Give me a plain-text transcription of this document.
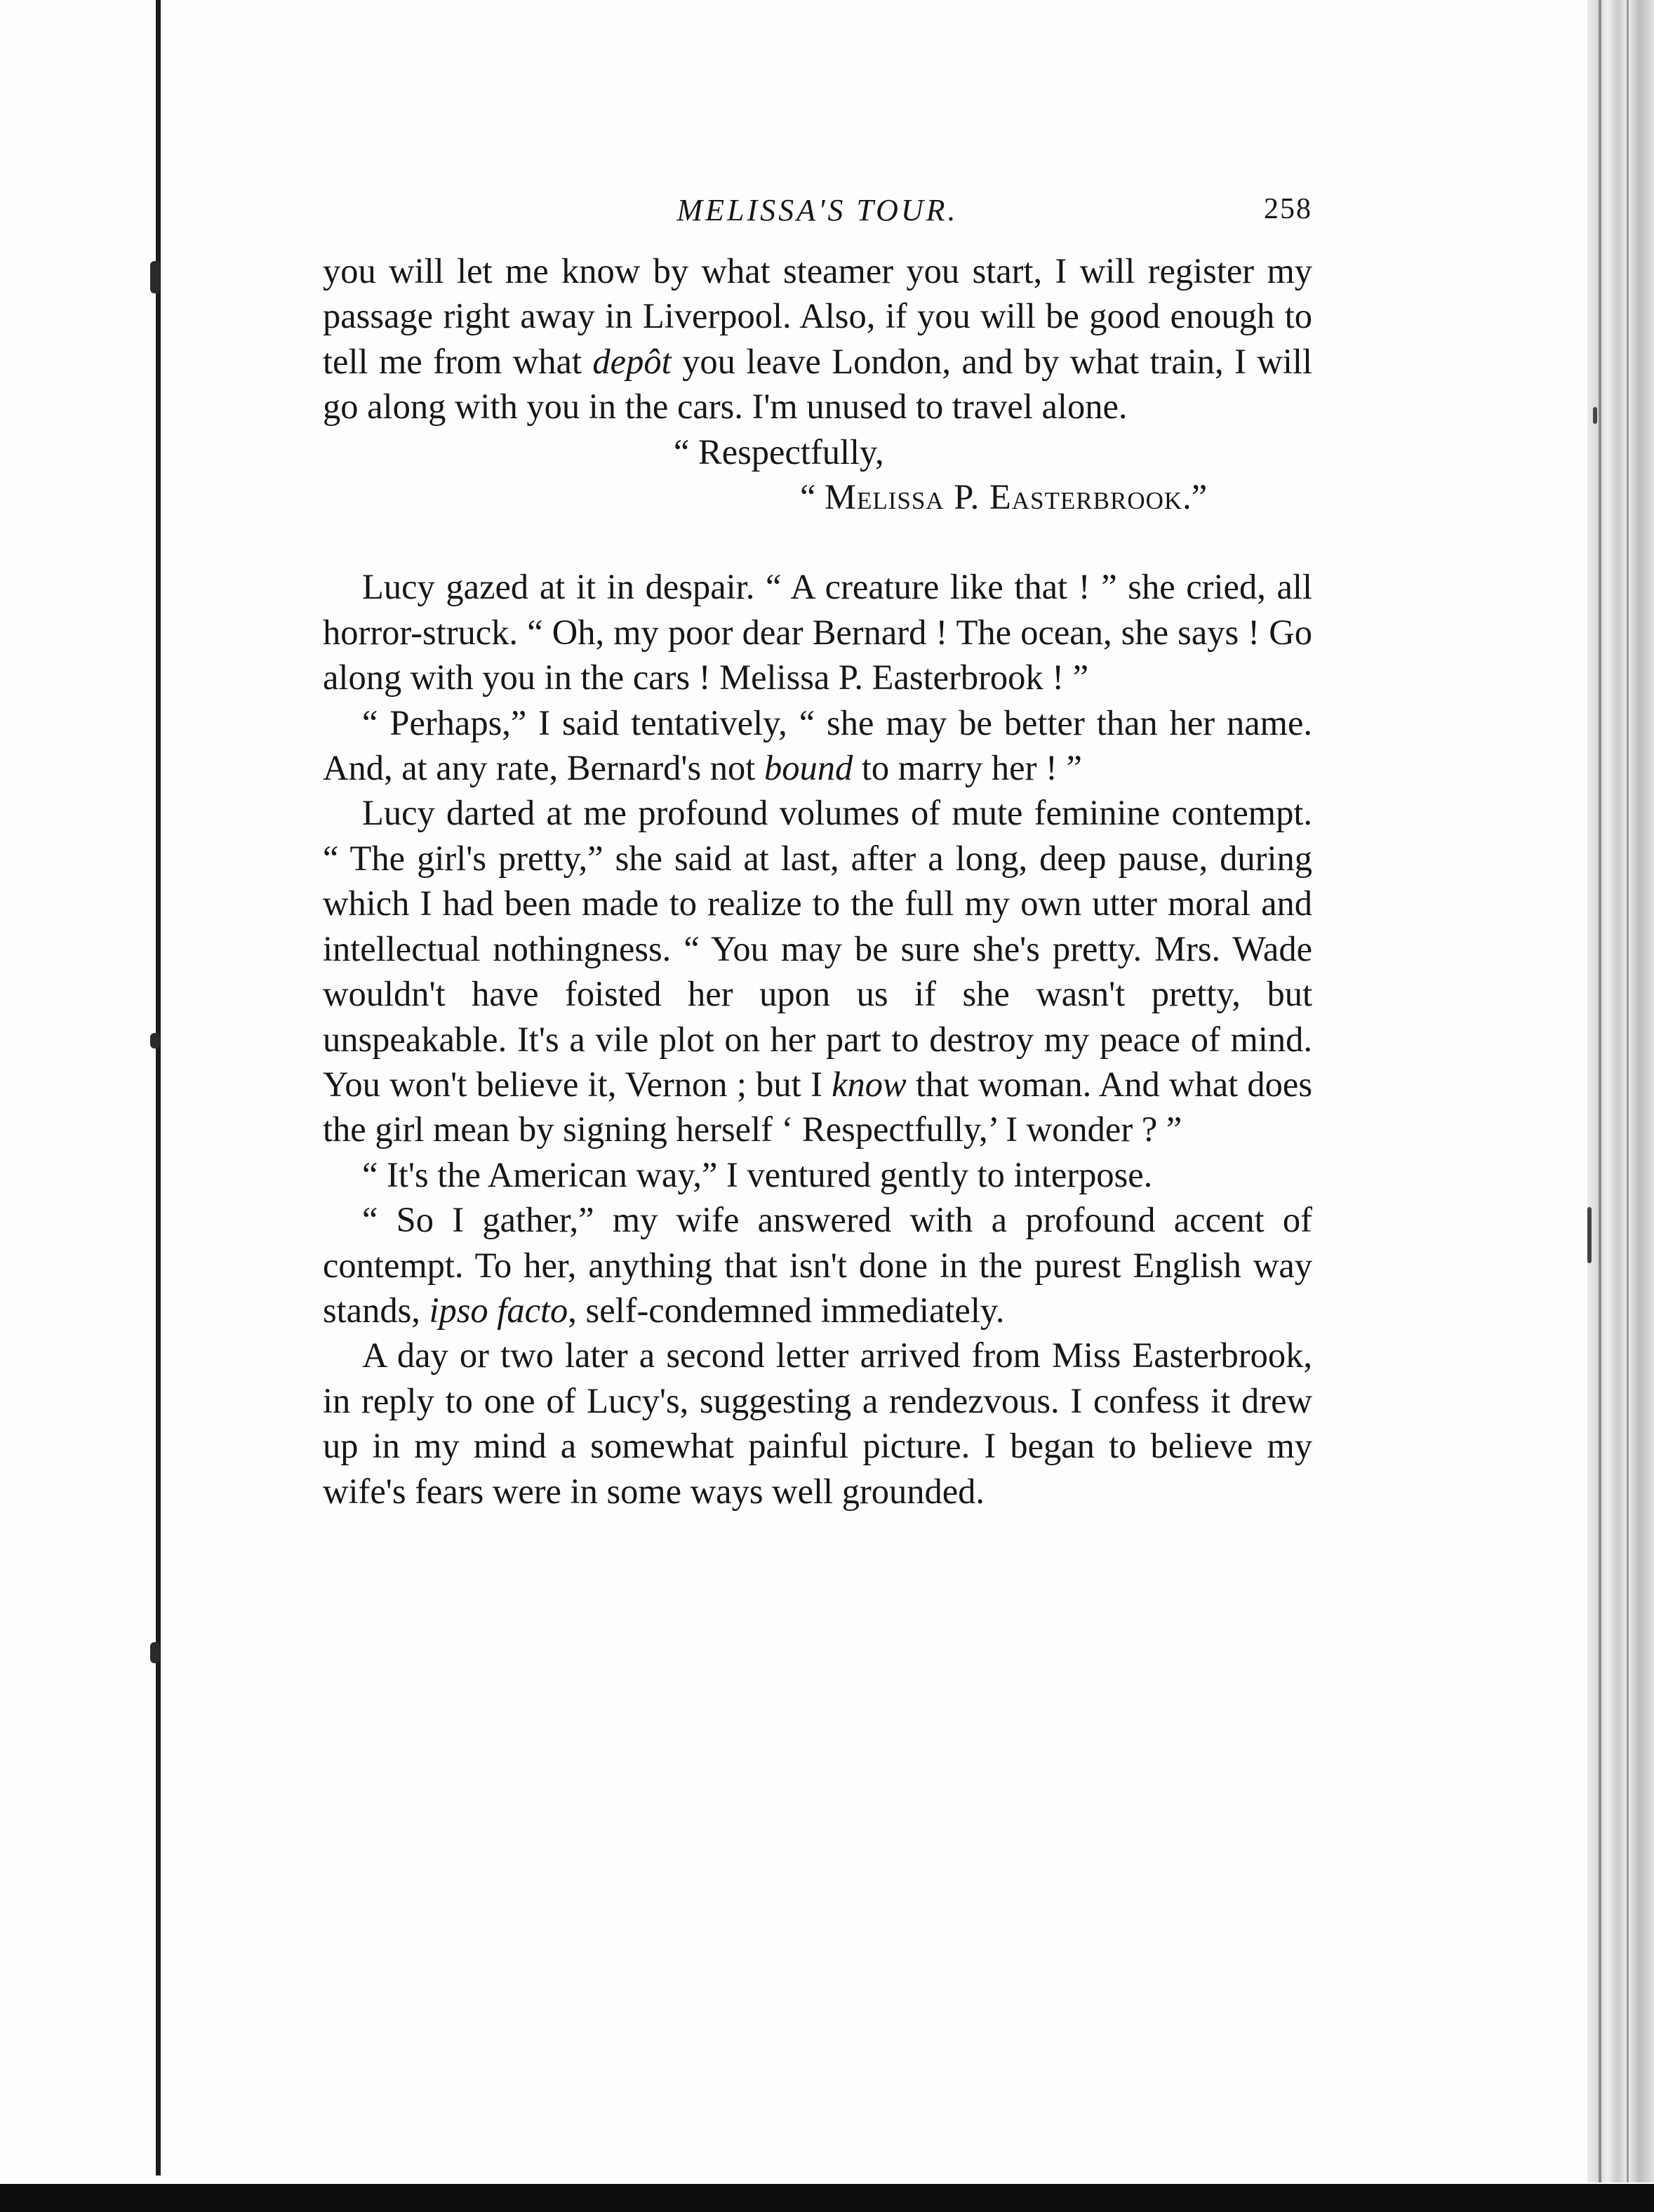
MELISSA'S TOUR.	258

you will let me know by what steamer you start, I will register my passage right away in Liverpool. Also, if you will be good enough to tell me from what depôt you leave London, and by what train, I will go along with you in the cars. I'm unused to travel alone.

“ Respectfully,

“ Melissa P. Easterbrook.”

Lucy gazed at it in despair. “ A creature like that ! ” she cried, all horror-struck. “ Oh, my poor dear Bernard ! The ocean, she says ! Go along with you in the cars ! Melissa P. Easterbrook ! ”

“ Perhaps,” I said tentatively, “ she may be better than her name. And, at any rate, Bernard's not bound to marry her ! ”

Lucy darted at me profound volumes of mute feminine contempt. “ The girl's pretty,” she said at last, after a long, deep pause, during which I had been made to realize to the full my own utter moral and intellectual nothingness. “ You may be sure she's pretty. Mrs. Wade wouldn't have foisted her upon us if she wasn't pretty, but unspeakable. It's a vile plot on her part to destroy my peace of mind. You won't believe it, Vernon ; but I know that woman. And what does the girl mean by signing herself ‘ Respectfully,’ I wonder ? ”

“ It's the American way,” I ventured gently to interpose.

“ So I gather,” my wife answered with a profound accent of contempt. To her, anything that isn't done in the purest English way stands, ipso facto, self-condemned immediately.

A day or two later a second letter arrived from Miss Easterbrook, in reply to one of Lucy's, suggesting a rendezvous. I confess it drew up in my mind a somewhat painful picture. I began to believe my wife's fears were in some ways well grounded.
